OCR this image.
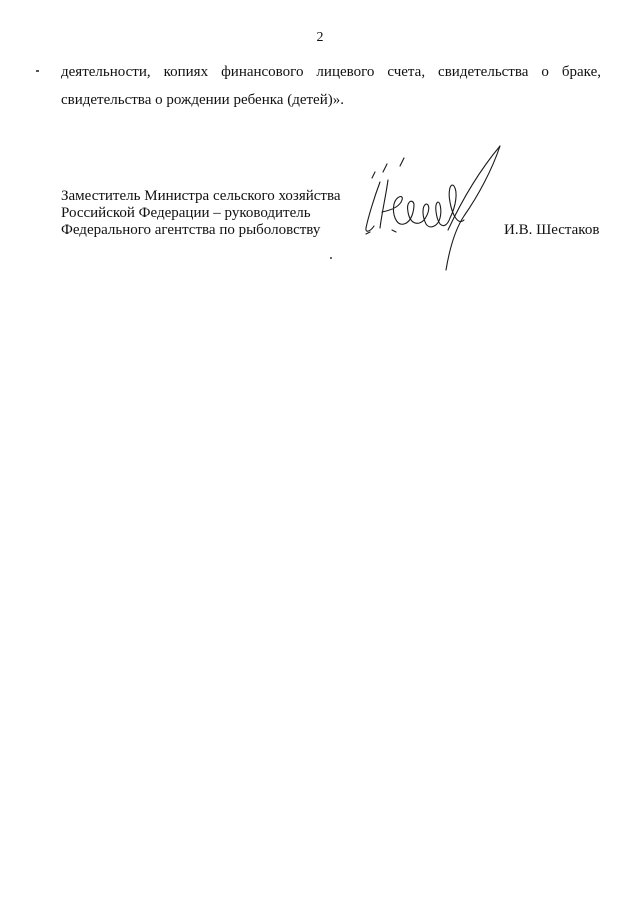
2
деятельности, копиях финансового лицевого счета, свидетельства о браке,
свидетельства о рождении ребенка (детей)».
Заместитель Министра сельского хозяйства
Российской Федерации – руководитель
Федерального агентства по рыболовству	И.В. Шестаков
